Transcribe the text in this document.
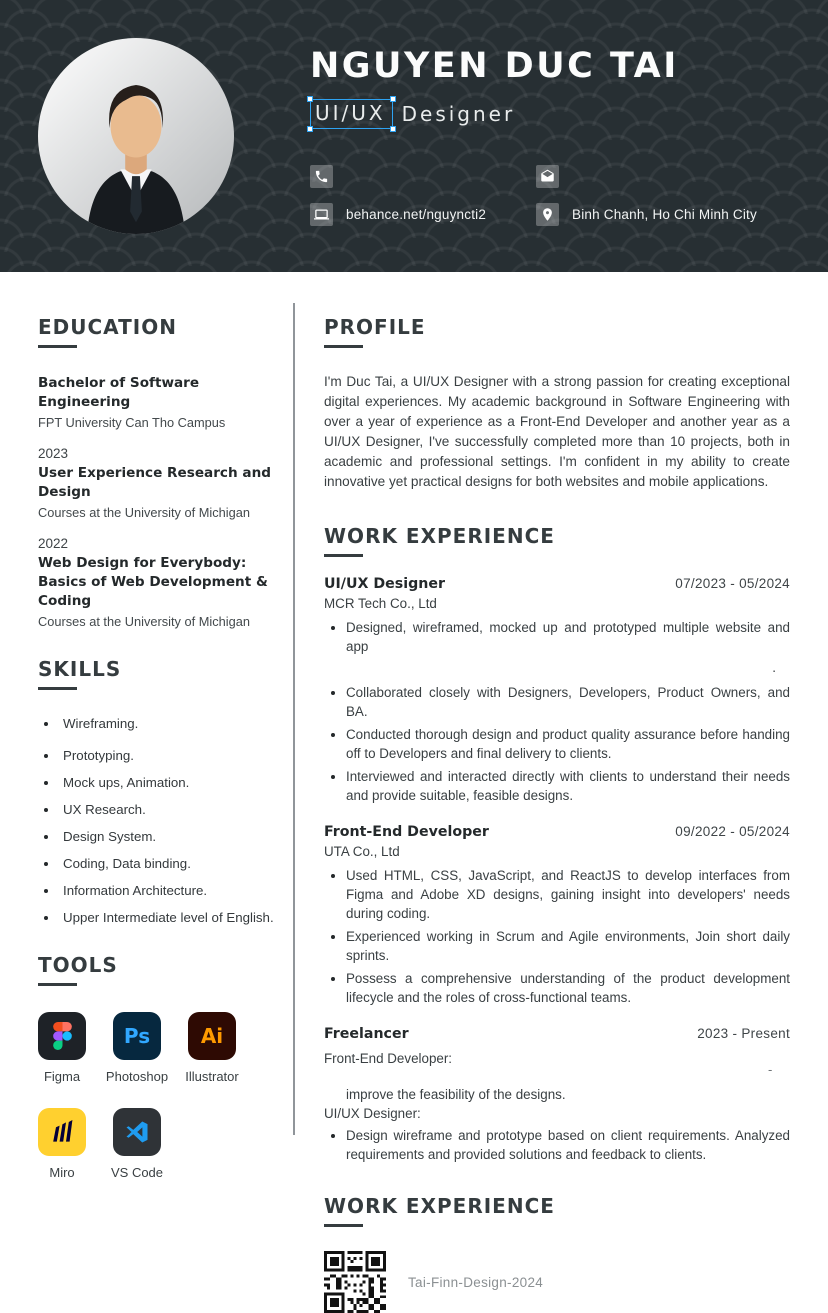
NGUYEN DUC TAI
UI/UX Designer
behance.net/nguyncti2	Binh Chanh, Ho Chi Minh City
EDUCATION
Bachelor of Software Engineering
FPT University Can Tho Campus
2023
User Experience Research and Design
Courses at the University of Michigan
2022
Web Design for Everybody: Basics of Web Development & Coding
Courses at the University of Michigan
SKILLS
Wireframing.
Prototyping.
Mock ups, Animation.
UX Research.
Design System.
Coding, Data binding.
Information Architecture.
Upper Intermediate level of English.
TOOLS
Figma
Ps
Photoshop
Ai
Illustrator
Miro	VS Code
PROFILE
I'm Duc Tai, a UI/UX Designer with a strong passion for creating exceptional digital experiences. My academic background in Software Engineering with over a year of experience as a Front-End Developer and another year as a UI/UX Designer, I've successfully completed more than 10 projects, both in academic and professional settings. I'm confident in my ability to create innovative yet practical designs for both websites and mobile applications.
WORK EXPERIENCE
UI/UX Designer	07/2023 - 05/2024
MCR Tech Co., Ltd
Designed, wireframed, mocked up and prototyped multiple website and app
.
Collaborated closely with Designers, Developers, Product Owners, and BA.
Conducted thorough design and product quality assurance before handing off to Developers and final delivery to clients.
Interviewed and interacted directly with clients to understand their needs and provide suitable, feasible designs.
Front-End Developer	09/2022 - 05/2024
UTA Co., Ltd
Used HTML, CSS, JavaScript, and ReactJS to develop interfaces from Figma and Adobe XD designs, gaining insight into developers' needs during coding.
Experienced working in Scrum and Agile environments, Join short daily sprints.
Possess a comprehensive understanding of the product development lifecycle and the roles of cross-functional teams.
Freelancer	2023 - Present
Front-End Developer:
improve the feasibility of the designs.
UI/UX Designer:
Design wireframe and prototype based on client requirements. Analyzed requirements and provided solutions and feedback to clients.
WORK EXPERIENCE
Tai-Finn-Design-2024
-
